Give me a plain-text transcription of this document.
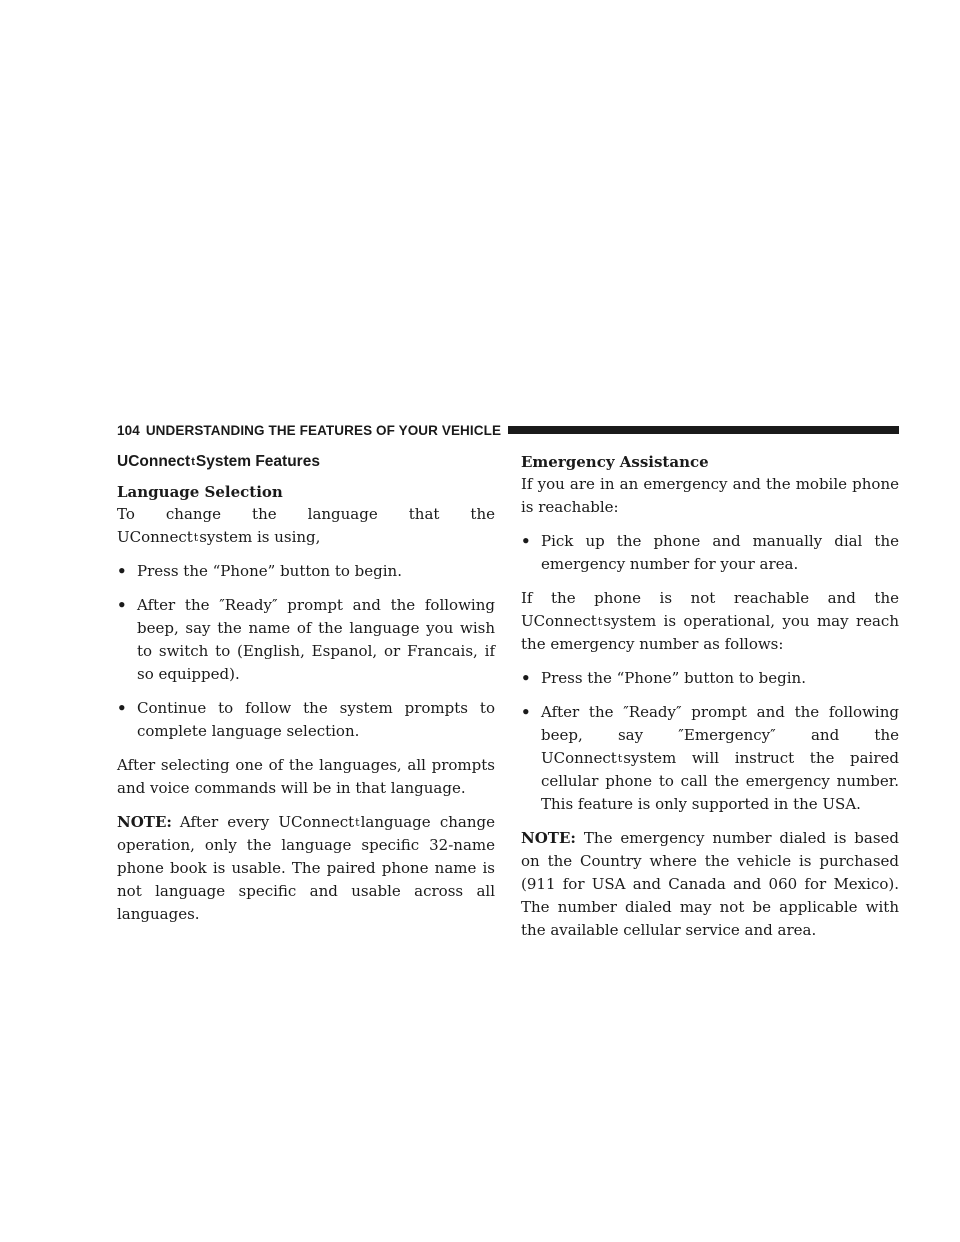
104 UNDERSTANDING THE FEATURES OF YOUR VEHICLE
UConnecttSystem Features
Language Selection

To change the language that the UConnecttsystem is using,

• Press the “Phone” button to begin.
• After the ″Ready″ prompt and the following beep, say the name of the language you wish to switch to (English, Espanol, or Francais, if so equipped).
• Continue to follow the system prompts to complete language selection.

After selecting one of the languages, all prompts and voice commands will be in that language.

NOTE: After every UConnecttlanguage change operation, only the language specific 32-name phone book is usable. The paired phone name is not language specific and usable across all languages.

Emergency Assistance

If you are in an emergency and the mobile phone is reachable:

• Pick up the phone and manually dial the emergency number for your area.

If the phone is not reachable and the UConnecttsystem is operational, you may reach the emergency number as follows:

• Press the “Phone” button to begin.
• After the ″Ready″ prompt and the following beep, say ″Emergency″ and the UConnecttsystem will instruct the paired cellular phone to call the emergency number. This feature is only supported in the USA.

NOTE: The emergency number dialed is based on the Country where the vehicle is purchased (911 for USA and Canada and 060 for Mexico). The number dialed may not be applicable with the available cellular service and area.
